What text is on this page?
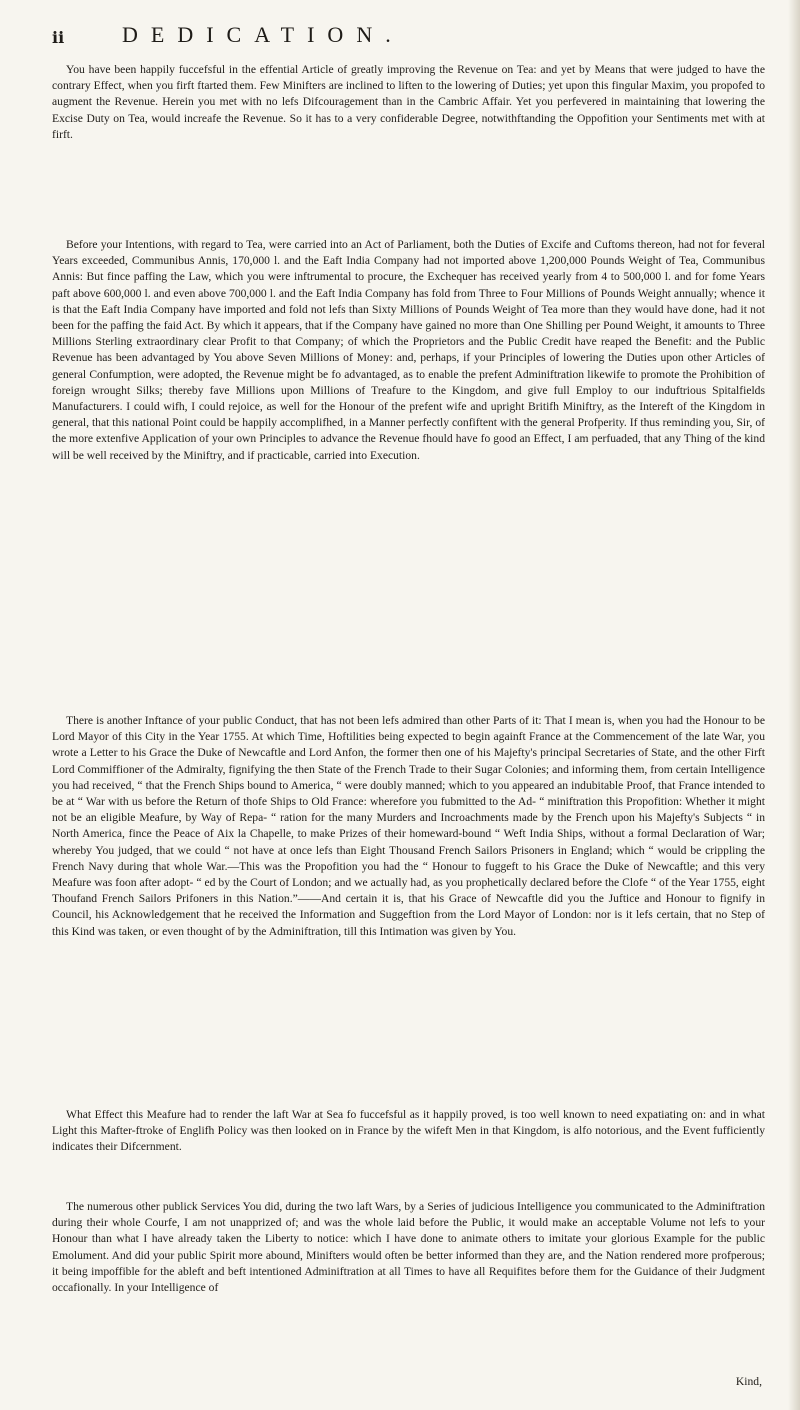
ii	DEDICATION.

You have been happily fuccefsful in the effential Article of greatly improving the Revenue on Tea: and yet by Means that were judged to have the contrary Effect, when you firft ftarted them. Few Minifters are inclined to liften to the lowering of Duties; yet upon this fingular Maxim, you propofed to augment the Revenue. Herein you met with no lefs Difcouragement than in the Cambric Affair. Yet you perfevered in maintaining that lowering the Excise Duty on Tea, would increafe the Revenue. So it has to a very confiderable Degree, notwithftanding the Oppofition your Sentiments met with at firft.

Before your Intentions, with regard to Tea, were carried into an Act of Parliament, both the Duties of Excife and Cuftoms thereon, had not for feveral Years exceeded, Communibus Annis, 170,000 l. and the Eaft India Company had not imported above 1,200,000 Pounds Weight of Tea, Communibus Annis: But fince paffing the Law, which you were inftrumental to procure, the Exchequer has received yearly from 4 to 500,000 l. and for fome Years paft above 600,000 l. and even above 700,000 l. and the Eaft India Company has fold from Three to Four Millions of Pounds Weight annually; whence it is that the Eaft India Company have imported and fold not lefs than Sixty Millions of Pounds Weight of Tea more than they would have done, had it not been for the paffing the faid Act. By which it appears, that if the Company have gained no more than One Shilling per Pound Weight, it amounts to Three Millions Sterling extraordinary clear Profit to that Company; of which the Proprietors and the Public Credit have reaped the Benefit: and the Public Revenue has been advantaged by You above Seven Millions of Money: and, perhaps, if your Principles of lowering the Duties upon other Articles of general Confumption, were adopted, the Revenue might be fo advantaged, as to enable the prefent Adminiftration likewife to promote the Prohibition of foreign wrought Silks; thereby fave Millions upon Millions of Treafure to the Kingdom, and give full Employ to our induftrious Spitalfields Manufacturers. I could wifh, I could rejoice, as well for the Honour of the prefent wife and upright Britifh Miniftry, as the Intereft of the Kingdom in general, that this national Point could be happily accomplifhed, in a Manner perfectly confiftent with the general Profperity. If thus reminding you, Sir, of the more extenfive Application of your own Principles to advance the Revenue fhould have fo good an Effect, I am perfuaded, that any Thing of the kind will be well received by the Miniftry, and if practicable, carried into Execution.

There is another Inftance of your public Conduct, that has not been lefs admired than other Parts of it: That I mean is, when you had the Honour to be Lord Mayor of this City in the Year 1755. At which Time, Hoftilities being expected to begin againft France at the Commencement of the late War, you wrote a Letter to his Grace the Duke of Newcaftle and Lord Anfon, the former then one of his Majefty's principal Secretaries of State, and the other Firft Lord Commiffioner of the Admiralty, fignifying the then State of the French Trade to their Sugar Colonies; and informing them, from certain Intelligence you had received, “ that the French Ships bound to America, “ were doubly manned; which to you appeared an indubitable Proof, that France intended to be at “ War with us before the Return of thofe Ships to Old France: wherefore you fubmitted to the Ad- “ miniftration this Propofition: Whether it might not be an eligible Meafure, by Way of Repa- “ ration for the many Murders and Incroachments made by the French upon his Majefty's Subjects “ in North America, fince the Peace of Aix la Chapelle, to make Prizes of their homeward-bound “ Weft India Ships, without a formal Declaration of War; whereby You judged, that we could “ not have at once lefs than Eight Thousand French Sailors Prisoners in England; which “ would be crippling the French Navy during that whole War.—This was the Propofition you had the “ Honour to fuggeft to his Grace the Duke of Newcaftle; and this very Meafure was foon after adopt- “ ed by the Court of London; and we actually had, as you prophetically declared before the Clofe “ of the Year 1755, eight Thoufand French Sailors Prifoners in this Nation.”——And certain it is, that his Grace of Newcaftle did you the Juftice and Honour to fignify in Council, his Acknowledgement that he received the Information and Suggeftion from the Lord Mayor of London: nor is it lefs certain, that no Step of this Kind was taken, or even thought of by the Adminiftration, till this Intimation was given by You.

What Effect this Meafure had to render the laft War at Sea fo fuccefsful as it happily proved, is too well known to need expatiating on: and in what Light this Mafter-ftroke of Englifh Policy was then looked on in France by the wifeft Men in that Kingdom, is alfo notorious, and the Event fufficiently indicates their Difcernment.

The numerous other publick Services You did, during the two laft Wars, by a Series of judicious Intelligence you communicated to the Adminiftration during their whole Courfe, I am not unapprized of; and was the whole laid before the Public, it would make an acceptable Volume not lefs to your Honour than what I have already taken the Liberty to notice: which I have done to animate others to imitate your glorious Example for the public Emolument. And did your public Spirit more abound, Minifters would often be better informed than they are, and the Nation rendered more profperous; it being impoffible for the ableft and beft intentioned Adminiftration at all Times to have all Requifites before them for the Guidance of their Judgment occafionally. In your Intelligence of

Kind,
